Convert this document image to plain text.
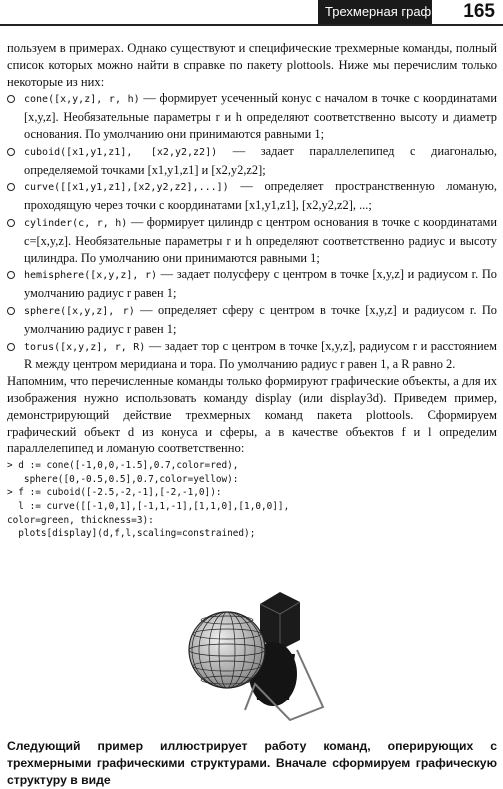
Трехмерная графика 165

пользуем в примерах. Однако существуют и специфические трехмерные команды, полный список которых можно найти в справке по пакету plottools. Ниже мы перечислим только некоторые из них:

cone([x,y,z], r, h) — формирует усеченный конус с началом в точке с координатами [x,y,z]. Необязательные параметры r и h определяют соответственно высоту и диаметр основания. По умолчанию они принимаются равными 1;
cuboid([x1,y1,z1], [x2,y2,z2]) — задает параллелепипед с диагональю, определяемой точками [x1,y1,z1] и [x2,y2,z2];
curve([[x1,y1,z1],[x2,y2,z2],...]) — определяет пространственную ломаную, проходящую через точки с координатами [x1,y1,z1], [x2,y2,z2], ...;
cylinder(c, r, h) — формирует цилиндр с центром основания в точке с координатами c=[x,y,z]. Необязательные параметры r и h определяют соответственно радиус и высоту цилиндра. По умолчанию они принимаются равными 1;
hemisphere([x,y,z], r) — задает полусферу с центром в точке [x,y,z] и радиусом r. По умолчанию радиус r равен 1;
sphere([x,y,z], r) — определяет сферу с центром в точке [x,y,z] и радиусом r. По умолчанию радиус r равен 1;
torus([x,y,z], r, R) — задает тор с центром в точке [x,y,z], радиусом r и расстоянием R между центром меридиана и тора. По умолчанию радиус r равен 1, а R равно 2.

Напомним, что перечисленные команды только формируют графические объекты, а для их изображения нужно использовать команду display (или display3d). Приведем пример, демонстрирующий действие трехмерных команд пакета plottools. Сформируем графический объект d из конуса и сферы, а в качестве объектов f и l определим параллелепипед и ломаную соответственно:

> d := cone([-1,0,0,-1.5],0.7,color=red),
sphere([0,-0.5,0.5],0.7,color=yellow):
> f := cuboid([-2.5,-2,-1],[-2,-1,0]):
l := curve([[-1,0,1],[-1,1,-1],[1,1,0],[1,0,0]],
color=green, thickness=3):
plots[display](d,f,l,scaling=constrained);
Следующий пример иллюстрирует работу команд, оперирующих с трехмерными графическими структурами. Вначале сформируем графическую структуру в виде
